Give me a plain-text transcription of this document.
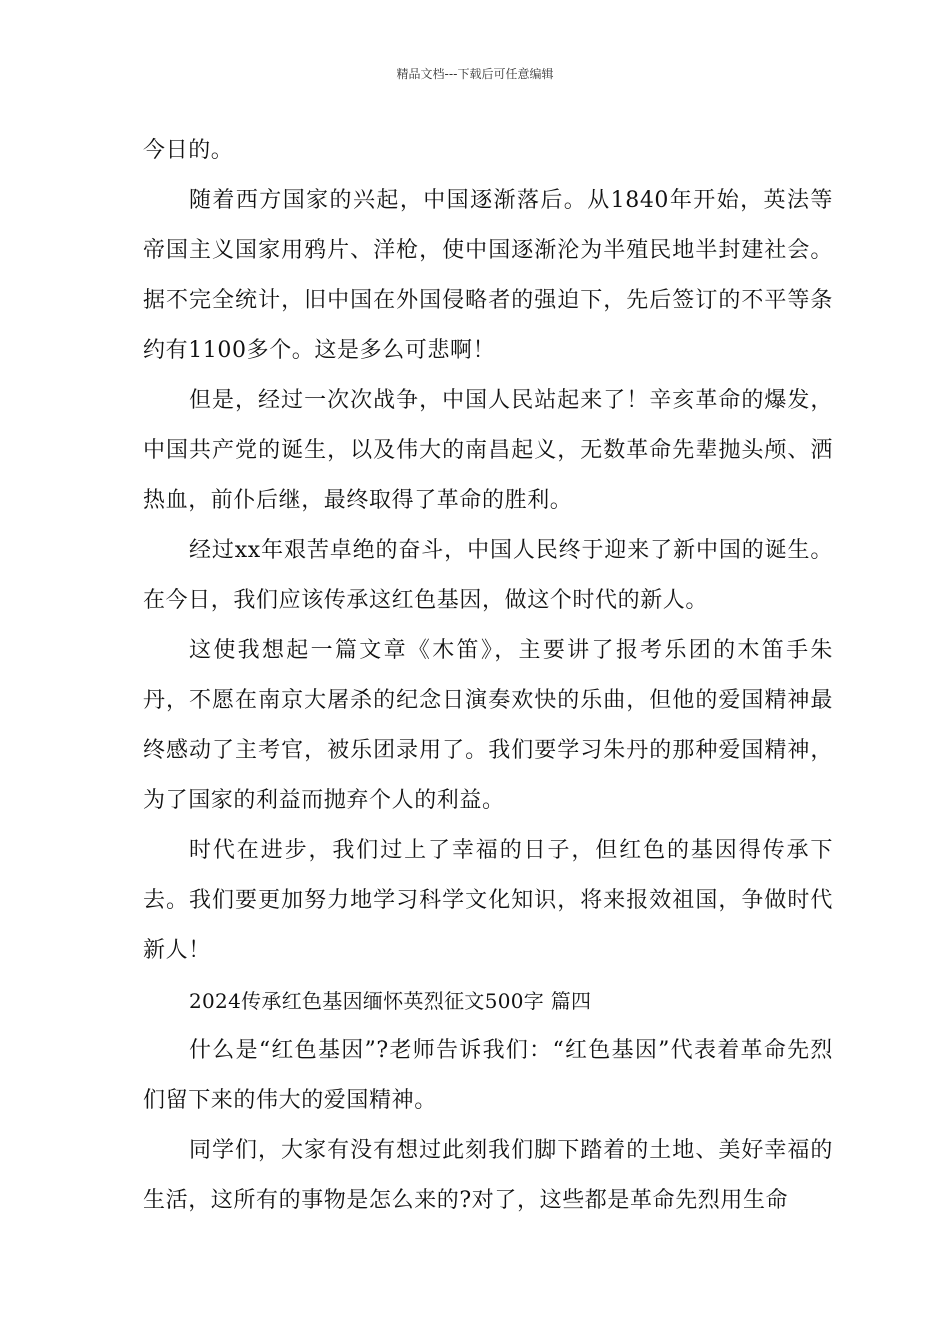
精品文档---下载后可任意编辑

今日的。

随着西方国家的兴起，中国逐渐落后。从1840年开始，英法等帝国主义国家用鸦片、洋枪，使中国逐渐沦为半殖民地半封建社会。据不完全统计，旧中国在外国侵略者的强迫下，先后签订的不平等条约有1100多个。这是多么可悲啊！

但是，经过一次次战争，中国人民站起来了！辛亥革命的爆发，中国共产党的诞生，以及伟大的南昌起义，无数革命先辈抛头颅、洒热血，前仆后继，最终取得了革命的胜利。

经过xx年艰苦卓绝的奋斗，中国人民终于迎来了新中国的诞生。在今日，我们应该传承这红色基因，做这个时代的新人。

这使我想起一篇文章《木笛》，主要讲了报考乐团的木笛手朱丹，不愿在南京大屠杀的纪念日演奏欢快的乐曲，但他的爱国精神最终感动了主考官，被乐团录用了。我们要学习朱丹的那种爱国精神，为了国家的利益而抛弃个人的利益。

时代在进步，我们过上了幸福的日子，但红色的基因得传承下去。我们要更加努力地学习科学文化知识，将来报效祖国，争做时代新人！

2024传承红色基因缅怀英烈征文500字 篇四

什么是“红色基因”?老师告诉我们：“红色基因”代表着革命先烈们留下来的伟大的爱国精神。

同学们，大家有没有想过此刻我们脚下踏着的土地、美好幸福的生活，这所有的事物是怎么来的?对了，这些都是革命先烈用生命
